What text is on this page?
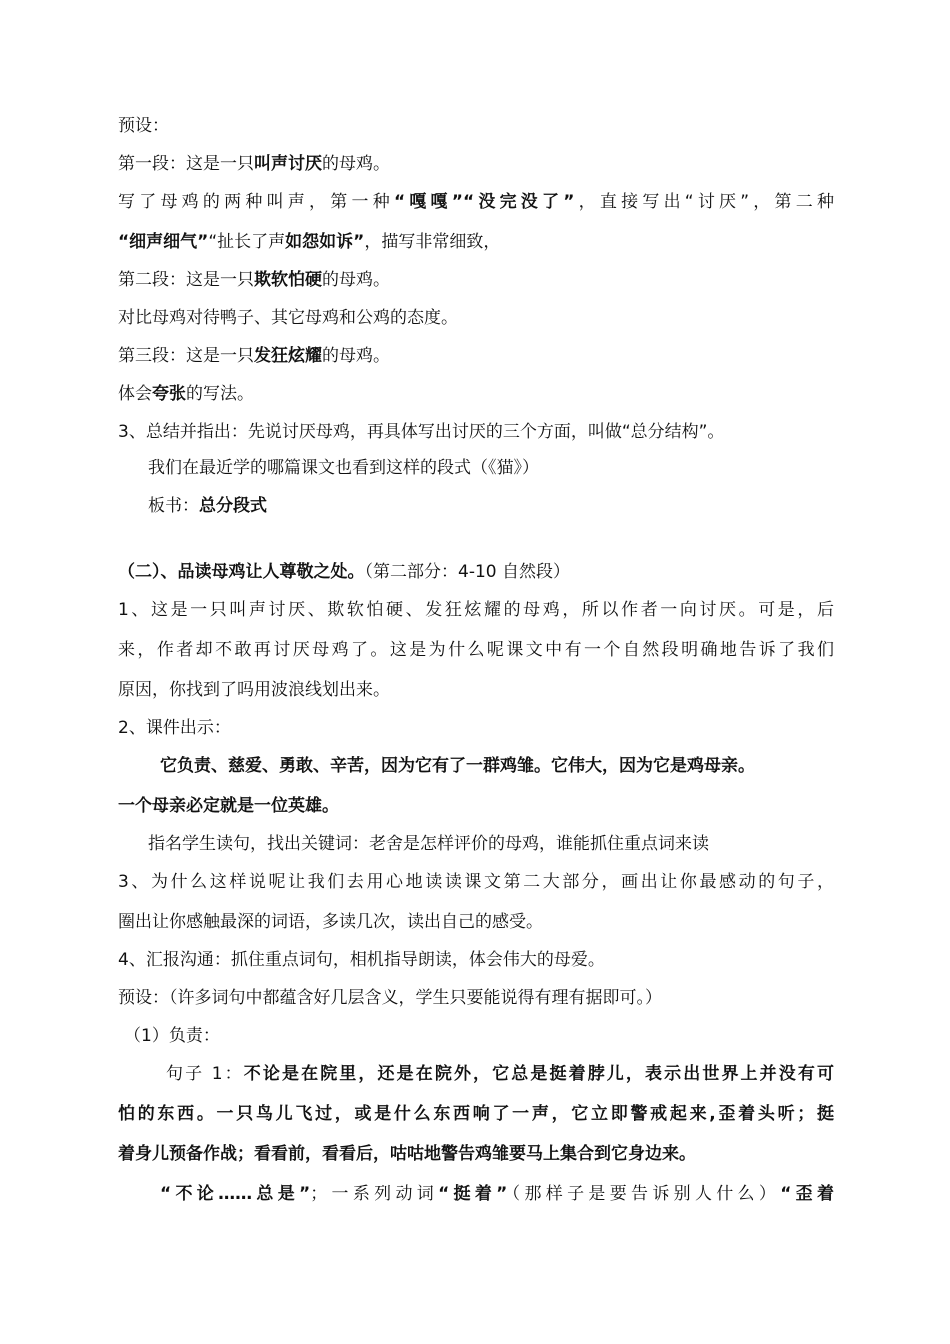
预设：
第一段：这是一只叫声讨厌的母鸡。
写了母鸡的两种叫声，第一种“嘎嘎”“没完没了”，直接写出“讨厌”，第二种
“细声细气”“扯长了声如怨如诉”，描写非常细致，
第二段：这是一只欺软怕硬的母鸡。
对比母鸡对待鸭子、其它母鸡和公鸡的态度。
第三段：这是一只发狂炫耀的母鸡。
体会夸张的写法。
3、总结并指出：先说讨厌母鸡，再具体写出讨厌的三个方面，叫做“总分结构”。
我们在最近学的哪篇课文也看到这样的段式（《猫》）
板书：总分段式
（二）、品读母鸡让人尊敬之处。（第二部分：4-10 自然段）
1、这是一只叫声讨厌、欺软怕硬、发狂炫耀的母鸡，所以作者一向讨厌。可是，后
来，作者却不敢再讨厌母鸡了。这是为什么呢课文中有一个自然段明确地告诉了我们
原因，你找到了吗用波浪线划出来。
2、课件出示：
它负责、慈爱、勇敢、辛苦，因为它有了一群鸡雏。它伟大，因为它是鸡母亲。
一个母亲必定就是一位英雄。
指名学生读句，找出关键词：老舍是怎样评价的母鸡，谁能抓住重点词来读
3、为什么这样说呢让我们去用心地读读课文第二大部分，画出让你最感动的句子，
圈出让你感触最深的词语，多读几次，读出自己的感受。
4、汇报沟通：抓住重点词句，相机指导朗读，体会伟大的母爱。
预设：（许多词句中都蕴含好几层含义，学生只要能说得有理有据即可。）
（1）负责：
句子 1：不论是在院里，还是在院外，它总是挺着脖儿，表示出世界上并没有可
怕的东西。一只鸟儿飞过，或是什么东西响了一声，它立即警戒起来,歪着头听；挺
着身儿预备作战；看看前，看看后，咕咕地警告鸡雏要马上集合到它身边来。
“不论……总是”；一系列动词“挺着”（那样子是要告诉别人什么）“歪着
